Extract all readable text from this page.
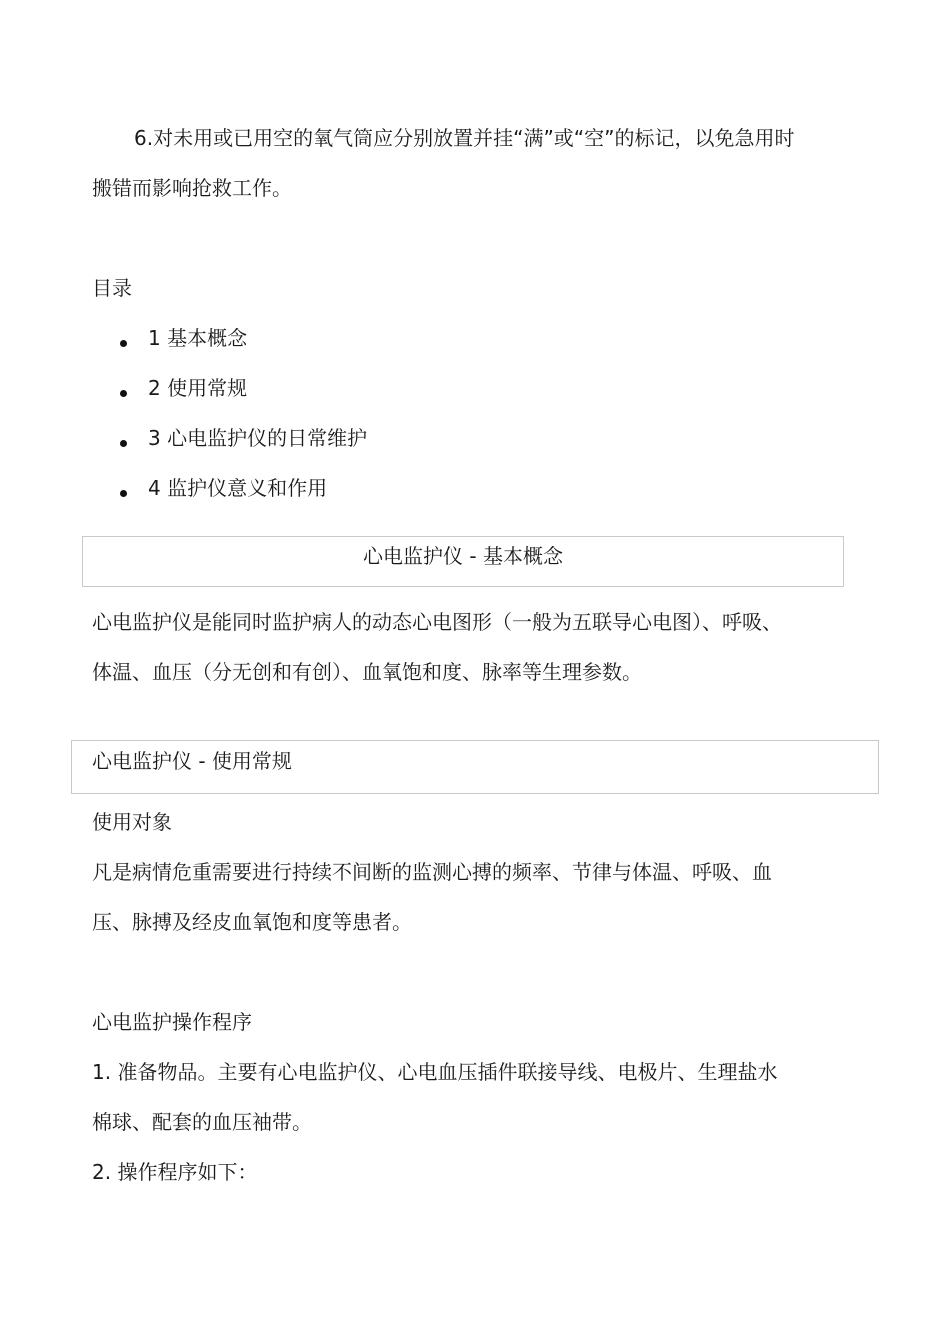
6.对未用或已用空的氧气筒应分别放置并挂“满”或“空”的标记，以免急用时
搬错而影响抢救工作。
目录
1 基本概念
2 使用常规
3 心电监护仪的日常维护
4 监护仪意义和作用
心电监护仪 - 基本概念
心电监护仪是能同时监护病人的动态心电图形（一般为五联导心电图）、呼吸、
体温、血压（分无创和有创）、血氧饱和度、脉率等生理参数。
心电监护仪 - 使用常规
使用对象
凡是病情危重需要进行持续不间断的监测心搏的频率、节律与体温、呼吸、血
压、脉搏及经皮血氧饱和度等患者。
心电监护操作程序
1. 准备物品。主要有心电监护仪、心电血压插件联接导线、电极片、生理盐水
棉球、配套的血压袖带。
2. 操作程序如下：
